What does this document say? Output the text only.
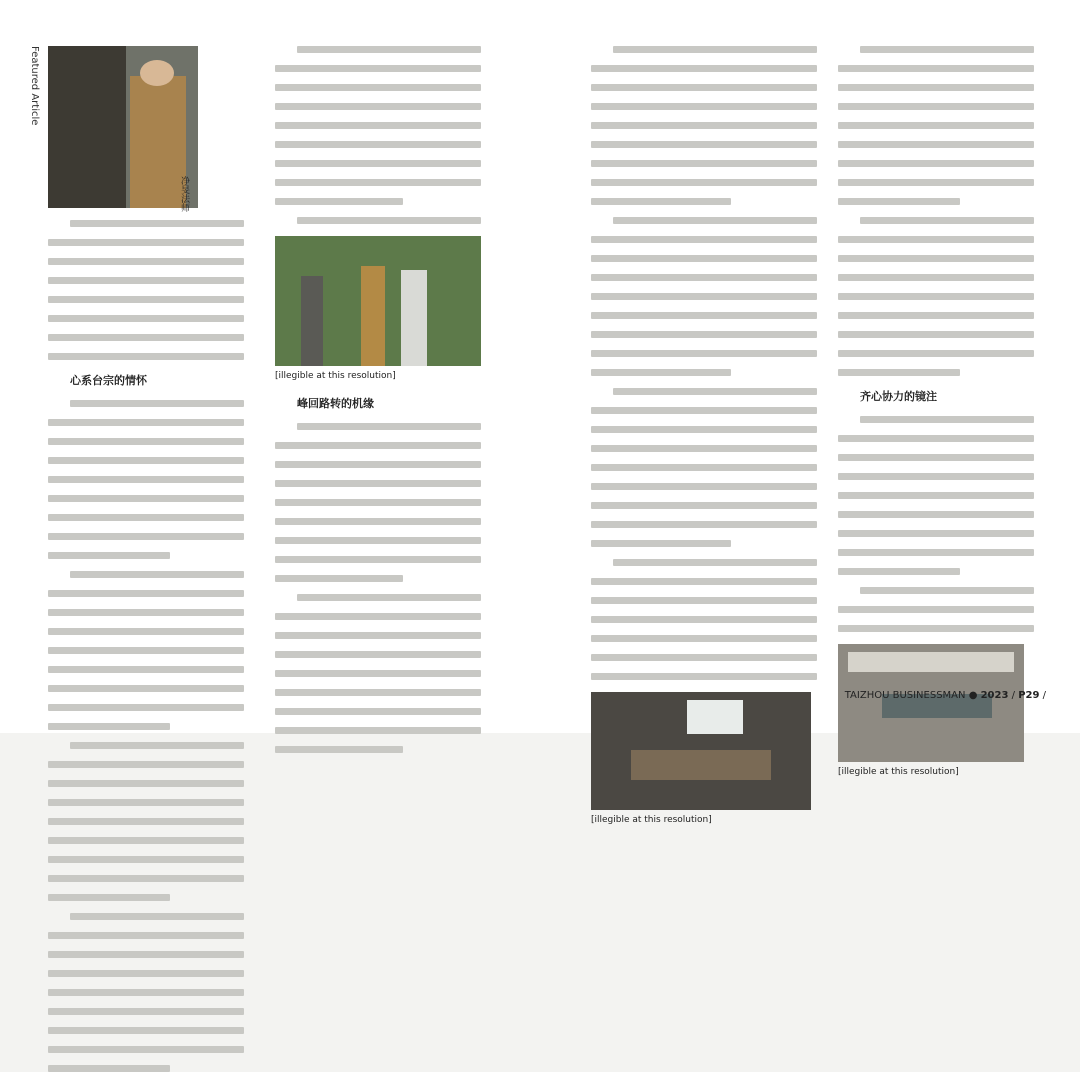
Featured Article
净旻法师
心系台宗的情怀	[illegible at this resolution]
峰回路转的机缘
[illegible at this resolution]
齐心协力的镜注
[illegible at this resolution]
TAIZHOU BUSINESSMAN ● 2023 / P29 /
